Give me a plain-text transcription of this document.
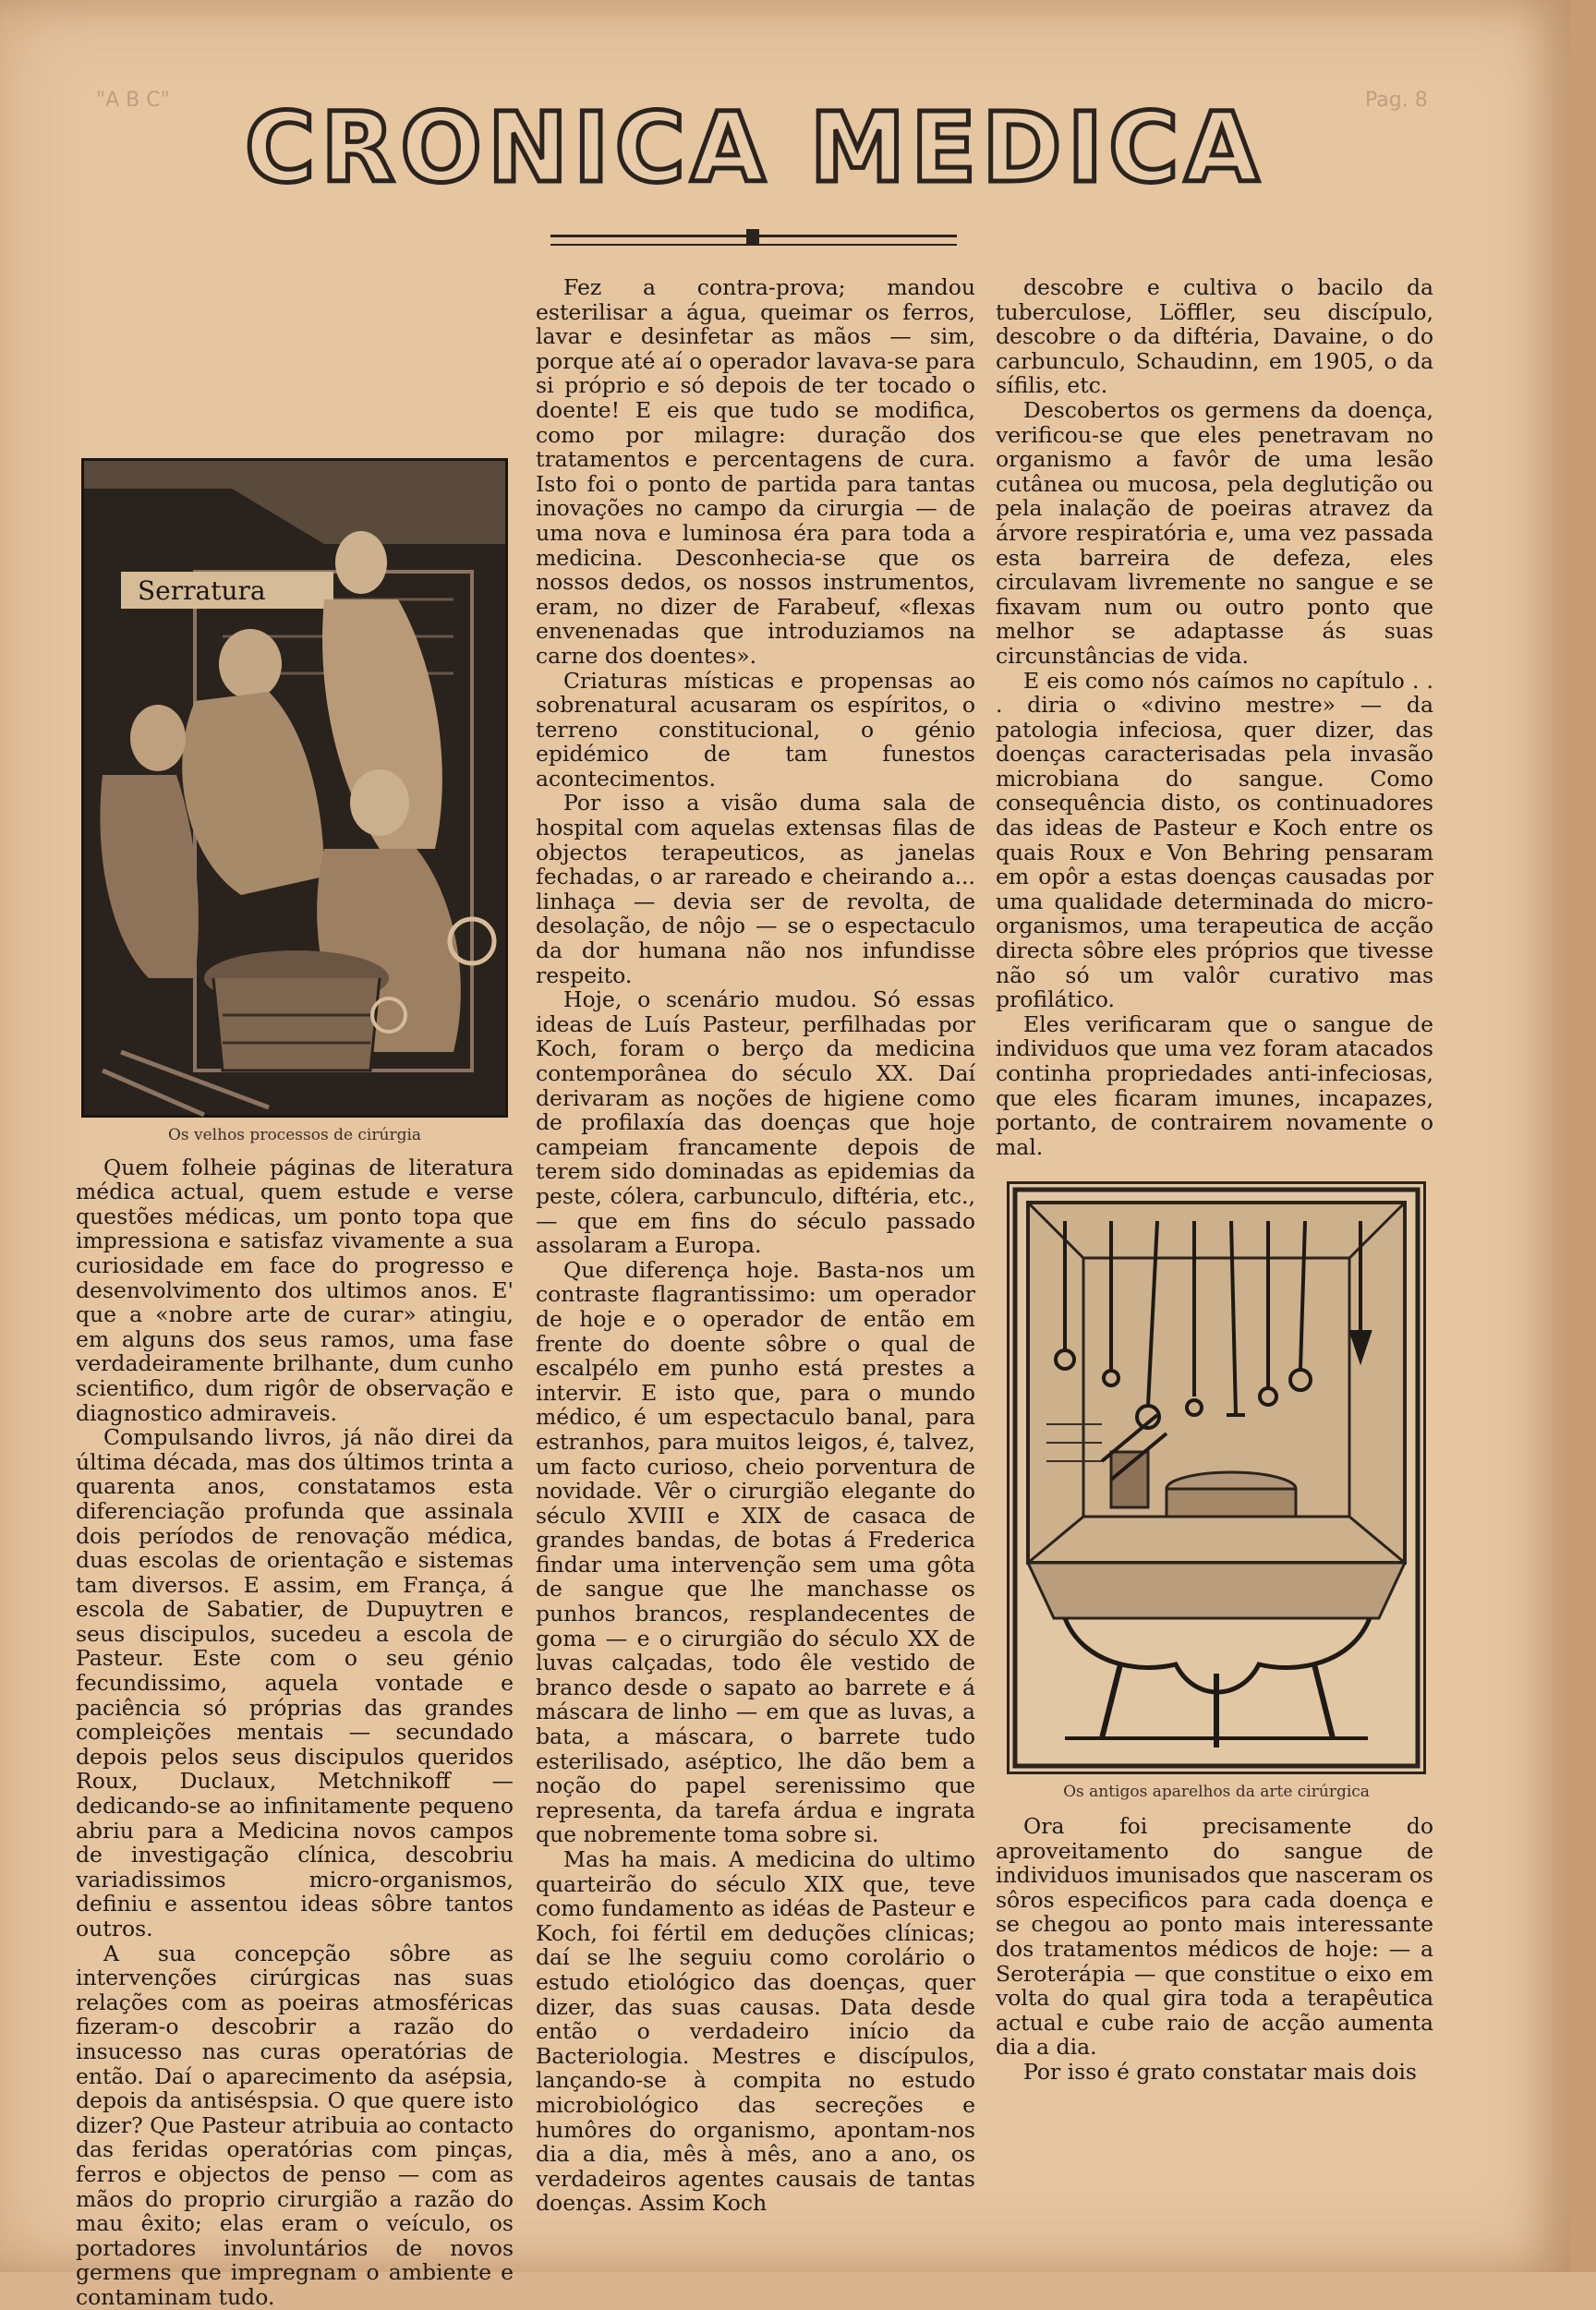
"A B C"	Pag. 8
CRONICA MEDICA
Serratura
Os velhos processos de cirúrgia

Quem folheie páginas de literatura médica actual, quem estude e verse questões médicas, um ponto topa que impressiona e satisfaz vivamente a sua curiosidade em face do progresso e desenvolvimento dos ultimos anos. E' que a «nobre arte de curar» atingiu, em alguns dos seus ramos, uma fase verdadeiramente brilhante, dum cunho scientifico, dum rigôr de observação e diagnostico admiraveis.

Compulsando livros, já não direi da última década, mas dos últimos trinta a quarenta anos, constatamos esta diferenciação profunda que assinala dois períodos de renovação médica, duas escolas de orientação e sistemas tam diversos. E assim, em França, á escola de Sabatier, de Dupuytren e seus discipulos, sucedeu a escola de Pasteur. Este com o seu génio fecundissimo, aquela vontade e paciência só próprias das grandes compleições mentais — secundado depois pelos seus discipulos queridos Roux, Duclaux, Metchnikoff — dedicando-se ao infinitamente pequeno abriu para a Medicina novos campos de investigação clínica, descobriu variadissimos micro-organismos, definiu e assentou ideas sôbre tantos outros.

A sua concepção sôbre as intervenções cirúrgicas nas suas relações com as poeiras atmosféricas fizeram-o descobrir a razão do insucesso nas curas operatórias de então. Daí o aparecimento da asépsia, depois da antiséspsia. O que quere isto dizer? Que Pasteur atribuia ao contacto das feridas operatórias com pinças, ferros e objectos de penso — com as mãos do proprio cirurgião a razão do mau êxito; elas eram o veículo, os portadores involuntários de novos germens que impregnam o ambiente e contaminam tudo.

Fez a contra-prova; mandou esterilisar a água, queimar os ferros, lavar e desinfetar as mãos — sim, porque até aí o operador lavava-se para si próprio e só depois de ter tocado o doente! E eis que tudo se modifica, como por milagre: duração dos tratamentos e percentagens de cura. Isto foi o ponto de partida para tantas inovações no campo da cirurgia — de uma nova e luminosa éra para toda a medicina. Desconhecia-se que os nossos dedos, os nossos instrumentos, eram, no dizer de Farabeuf, «flexas envenenadas que introduziamos na carne dos doentes».

Criaturas místicas e propensas ao sobrenatural acusaram os espíritos, o terreno constitucional, o génio epidémico de tam funestos acontecimentos.

Por isso a visão duma sala de hospital com aquelas extensas filas de objectos terapeuticos, as janelas fechadas, o ar rareado e cheirando a... linhaça — devia ser de revolta, de desolação, de nôjo — se o espectaculo da dor humana não nos infundisse respeito.

Hoje, o scenário mudou. Só essas ideas de Luís Pasteur, perfilhadas por Koch, foram o berço da medicina contemporânea do século XX. Daí derivaram as noções de higiene como de profilaxía das doenças que hoje campeiam francamente depois de terem sido dominadas as epidemias da peste, cólera, carbunculo, diftéria, etc., — que em fins do século passado assolaram a Europa.

Que diferença hoje. Basta-nos um contraste flagrantissimo: um operador de hoje e o operador de então em frente do doente sôbre o qual de escalpélo em punho está prestes a intervir. E isto que, para o mundo médico, é um espectaculo banal, para estranhos, para muitos leigos, é, talvez, um facto curioso, cheio porventura de novidade. Vêr o cirurgião elegante do século XVIII e XIX de casaca de grandes bandas, de botas á Frederica findar uma intervenção sem uma gôta de sangue que lhe manchasse os punhos brancos, resplandecentes de goma — e o cirurgião do século XX de luvas calçadas, todo êle vestido de branco desde o sapato ao barrete e á máscara de linho — em que as luvas, a bata, a máscara, o barrete tudo esterilisado, aséptico, lhe dão bem a noção do papel serenissimo que representa, da tarefa árdua e ingrata que nobremente toma sobre si.

Mas ha mais. A medicina do ultimo quarteirão do século XIX que, teve como fundamento as idéas de Pasteur e Koch, foi fértil em deduções clínicas; daí se lhe seguiu como corolário o estudo etiológico das doenças, quer dizer, das suas causas. Data desde então o verdadeiro início da Bacteriologia. Mestres e discípulos, lançando-se à compita no estudo microbiológico das secreções e humôres do organismo, apontam-nos dia a dia, mês à mês, ano a ano, os verdadeiros agentes causais de tantas doenças. Assim Koch

descobre e cultiva o bacilo da tuberculose, Löffler, seu discípulo, descobre o da diftéria, Davaine, o do carbunculo, Schaudinn, em 1905, o da sífilis, etc.

Descobertos os germens da doença, verificou-se que eles penetravam no organismo a favôr de uma lesão cutânea ou mucosa, pela deglutição ou pela inalação de poeiras atravez da árvore respiratória e, uma vez passada esta barreira de defeza, eles circulavam livremente no sangue e se fixavam num ou outro ponto que melhor se adaptasse ás suas circunstâncias de vida.

E eis como nós caímos no capítulo . . . diria o «divino mestre» — da patologia infeciosa, quer dizer, das doenças caracterisadas pela invasão microbiana do sangue. Como consequência disto, os continuadores das ideas de Pasteur e Koch entre os quais Roux e Von Behring pensaram em opôr a estas doenças causadas por uma qualidade determinada do micro-organismos, uma terapeutica de acção directa sôbre eles próprios que tivesse não só um valôr curativo mas profilático.

Eles verificaram que o sangue de individuos que uma vez foram atacados continha propriedades anti-infeciosas, que eles ficaram imunes, incapazes, portanto, de contrairem novamente o mal.

Os antigos aparelhos da arte cirúrgica

Ora foi precisamente do aproveitamento do sangue de individuos imunisados que nasceram os sôros especificos para cada doença e se chegou ao ponto mais interessante dos tratamentos médicos de hoje: — a Seroterápia — que constitue o eixo em volta do qual gira toda a terapêutica actual e cube raio de acção aumenta dia a dia.

Por isso é grato constatar mais dois
